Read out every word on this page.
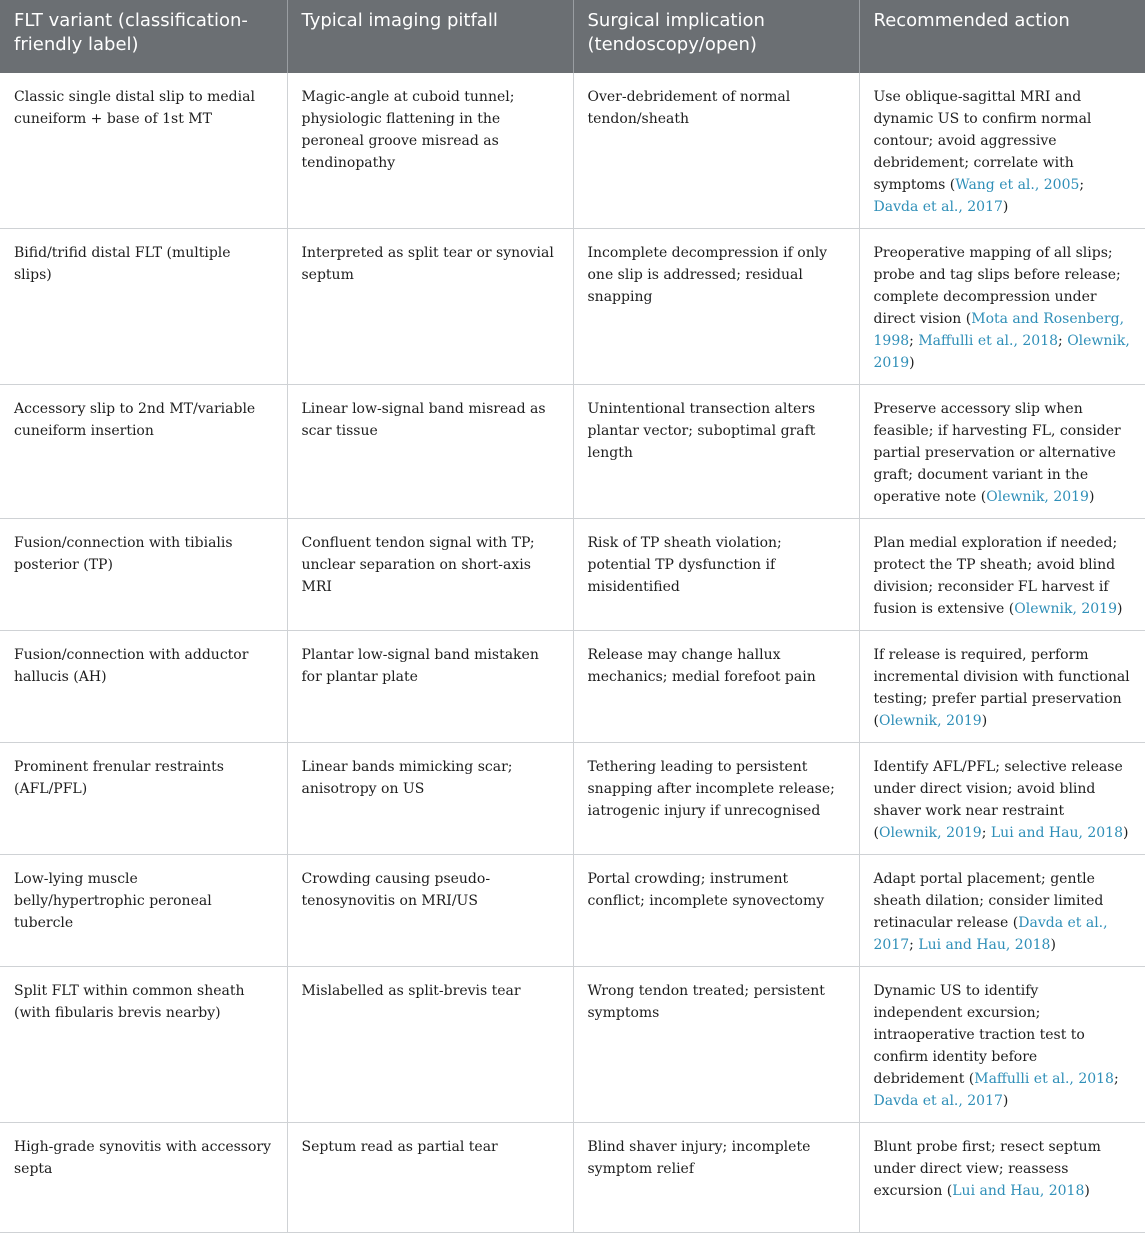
FLT variant (classification-friendly label)	Typical imaging pitfall	Surgical implication (tendoscopy/open)	Recommended action
Classic single distal slip to medial cuneiform + base of 1st MT	Magic-angle at cuboid tunnel; physiologic flattening in the peroneal groove misread as tendinopathy	Over-debridement of normal tendon/sheath	Use oblique-sagittal MRI and dynamic US to confirm normal contour; avoid aggressive debridement; correlate with symptoms (Wang et al., 2005; Davda et al., 2017)
Bifid/trifid distal FLT (multiple slips)	Interpreted as split tear or synovial septum	Incomplete decompression if only one slip is addressed; residual snapping	Preoperative mapping of all slips; probe and tag slips before release; complete decompression under direct vision (Mota and Rosenberg, 1998; Maffulli et al., 2018; Olewnik, 2019)
Accessory slip to 2nd MT/variable cuneiform insertion	Linear low-signal band misread as scar tissue	Unintentional transection alters plantar vector; suboptimal graft length	Preserve accessory slip when feasible; if harvesting FL, consider partial preservation or alternative graft; document variant in the operative note (Olewnik, 2019)
Fusion/connection with tibialis posterior (TP)	Confluent tendon signal with TP; unclear separation on short-axis MRI	Risk of TP sheath violation; potential TP dysfunction if misidentified	Plan medial exploration if needed; protect the TP sheath; avoid blind division; reconsider FL harvest if fusion is extensive (Olewnik, 2019)
Fusion/connection with adductor hallucis (AH)	Plantar low-signal band mistaken for plantar plate	Release may change hallux mechanics; medial forefoot pain	If release is required, perform incremental division with functional testing; prefer partial preservation (Olewnik, 2019)
Prominent frenular restraints (AFL/PFL)	Linear bands mimicking scar; anisotropy on US	Tethering leading to persistent snapping after incomplete release; iatrogenic injury if unrecognised	Identify AFL/PFL; selective release under direct vision; avoid blind shaver work near restraint (Olewnik, 2019; Lui and Hau, 2018)
Low-lying muscle belly/hypertrophic peroneal tubercle	Crowding causing pseudo-tenosynovitis on MRI/US	Portal crowding; instrument conflict; incomplete synovectomy	Adapt portal placement; gentle sheath dilation; consider limited retinacular release (Davda et al., 2017; Lui and Hau, 2018)
Split FLT within common sheath (with fibularis brevis nearby)	Mislabelled as split-brevis tear	Wrong tendon treated; persistent symptoms	Dynamic US to identify independent excursion; intraoperative traction test to confirm identity before debridement (Maffulli et al., 2018; Davda et al., 2017)
High-grade synovitis with accessory septa	Septum read as partial tear	Blind shaver injury; incomplete symptom relief	Blunt probe first; resect septum under direct view; reassess excursion (Lui and Hau, 2018)
